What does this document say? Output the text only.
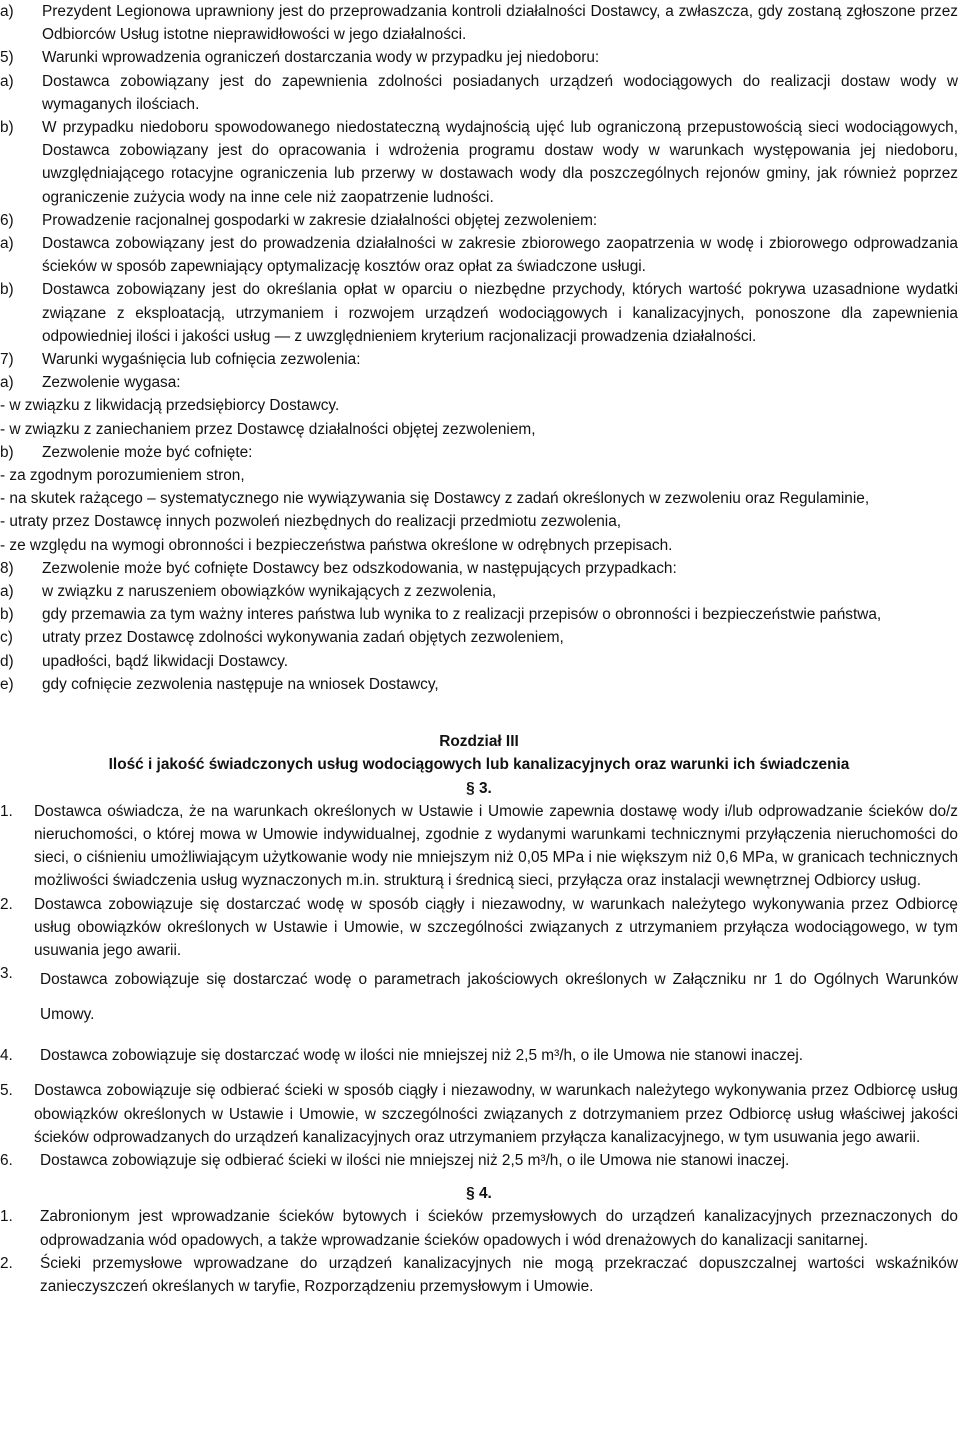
a)	Prezydent Legionowa uprawniony jest do przeprowadzania kontroli działalności Dostawcy, a zwłaszcza, gdy zostaną zgłoszone przez Odbiorców Usług istotne nieprawidłowości w jego działalności.
5)	Warunki wprowadzenia ograniczeń dostarczania wody w przypadku jej niedoboru:
a)	Dostawca zobowiązany jest do zapewnienia zdolności posiadanych urządzeń wodociągowych do realizacji dostaw wody w wymaganych ilościach.
b)	W przypadku niedoboru spowodowanego niedostateczną wydajnością ujęć lub ograniczoną przepustowością sieci wodociągowych, Dostawca zobowiązany jest do opracowania i wdrożenia programu dostaw wody w warunkach występowania jej niedoboru, uwzględniającego rotacyjne ograniczenia lub przerwy w dostawach wody dla poszczególnych rejonów gminy, jak również poprzez ograniczenie zużycia wody na inne cele niż zaopatrzenie ludności.
6)	Prowadzenie racjonalnej gospodarki w zakresie działalności objętej zezwoleniem:
a)	Dostawca zobowiązany jest do prowadzenia działalności w zakresie zbiorowego zaopatrzenia w wodę i zbiorowego odprowadzania ścieków w sposób zapewniający optymalizację kosztów oraz opłat za świadczone usługi.
b)	Dostawca zobowiązany jest do określania opłat w oparciu o niezbędne przychody, których wartość pokrywa uzasadnione wydatki związane z eksploatacją, utrzymaniem i rozwojem urządzeń wodociągowych i kanalizacyjnych, ponoszone dla zapewnienia odpowiedniej ilości i jakości usług — z uwzględnieniem kryterium racjonalizacji prowadzenia działalności.
7)	Warunki wygaśnięcia lub cofnięcia zezwolenia:
a)	Zezwolenie wygasa:
- w związku z likwidacją przedsiębiorcy Dostawcy.
- w związku z zaniechaniem przez Dostawcę działalności objętej zezwoleniem,
b)	Zezwolenie może być cofnięte:
- za zgodnym porozumieniem stron,
- na skutek rażącego – systematycznego nie wywiązywania się Dostawcy z zadań określonych w zezwoleniu oraz Regulaminie,
- utraty przez Dostawcę innych pozwoleń niezbędnych do realizacji przedmiotu zezwolenia,
- ze względu na wymogi obronności i bezpieczeństwa państwa określone w odrębnych przepisach.
8)	Zezwolenie może być cofnięte Dostawcy bez odszkodowania, w następujących przypadkach:
a)	w związku z naruszeniem obowiązków wynikających z zezwolenia,
b)	gdy przemawia za tym ważny interes państwa lub wynika to z realizacji przepisów o obronności i bezpieczeństwie państwa,
c)	utraty przez Dostawcę zdolności wykonywania zadań objętych zezwoleniem,
d)	upadłości, bądź likwidacji Dostawcy.
e)	gdy cofnięcie zezwolenia następuje na wniosek Dostawcy,
Rozdział III
Ilość i jakość świadczonych usług wodociągowych lub kanalizacyjnych oraz warunki ich świadczenia
§ 3.
1.	Dostawca oświadcza, że na warunkach określonych w Ustawie i Umowie zapewnia dostawę wody i/lub odprowadzanie ścieków do/z nieruchomości, o której mowa w Umowie indywidualnej, zgodnie z wydanymi warunkami technicznymi przyłączenia nieruchomości do sieci, o ciśnieniu umożliwiającym użytkowanie wody nie mniejszym niż 0,05 MPa i nie większym niż 0,6 MPa, w granicach technicznych możliwości świadczenia usług wyznaczonych m.in. strukturą i średnicą sieci, przyłącza oraz instalacji wewnętrznej Odbiorcy usług.
2.	Dostawca zobowiązuje się dostarczać wodę w sposób ciągły i niezawodny, w warunkach należytego wykonywania przez Odbiorcę usług obowiązków określonych w Ustawie i Umowie, w szczególności związanych z utrzymaniem przyłącza wodociągowego, w tym usuwania jego awarii.
3.	Dostawca zobowiązuje się dostarczać wodę o parametrach jakościowych określonych w Załączniku nr 1 do Ogólnych Warunków Umowy.
4.	Dostawca zobowiązuje się dostarczać wodę w ilości nie mniejszej niż 2,5 m³/h, o ile Umowa nie stanowi inaczej.
5.	Dostawca zobowiązuje się odbierać ścieki w sposób ciągły i niezawodny, w warunkach należytego wykonywania przez Odbiorcę usług obowiązków określonych w Ustawie i Umowie, w szczególności związanych z dotrzymaniem przez Odbiorcę usług właściwej jakości ścieków odprowadzanych do urządzeń kanalizacyjnych oraz utrzymaniem przyłącza kanalizacyjnego, w tym usuwania jego awarii.
6.	Dostawca zobowiązuje się odbierać ścieki w ilości nie mniejszej niż 2,5 m³/h, o ile Umowa nie stanowi inaczej.
§ 4.
1.	Zabronionym jest wprowadzanie ścieków bytowych i ścieków przemysłowych do urządzeń kanalizacyjnych przeznaczonych do odprowadzania wód opadowych, a także wprowadzanie ścieków opadowych i wód drenażowych do kanalizacji sanitarnej.
2.	Ścieki przemysłowe wprowadzane do urządzeń kanalizacyjnych nie mogą przekraczać dopuszczalnej wartości wskaźników zanieczyszczeń określanych w taryfie, Rozporządzeniu przemysłowym i Umowie.
